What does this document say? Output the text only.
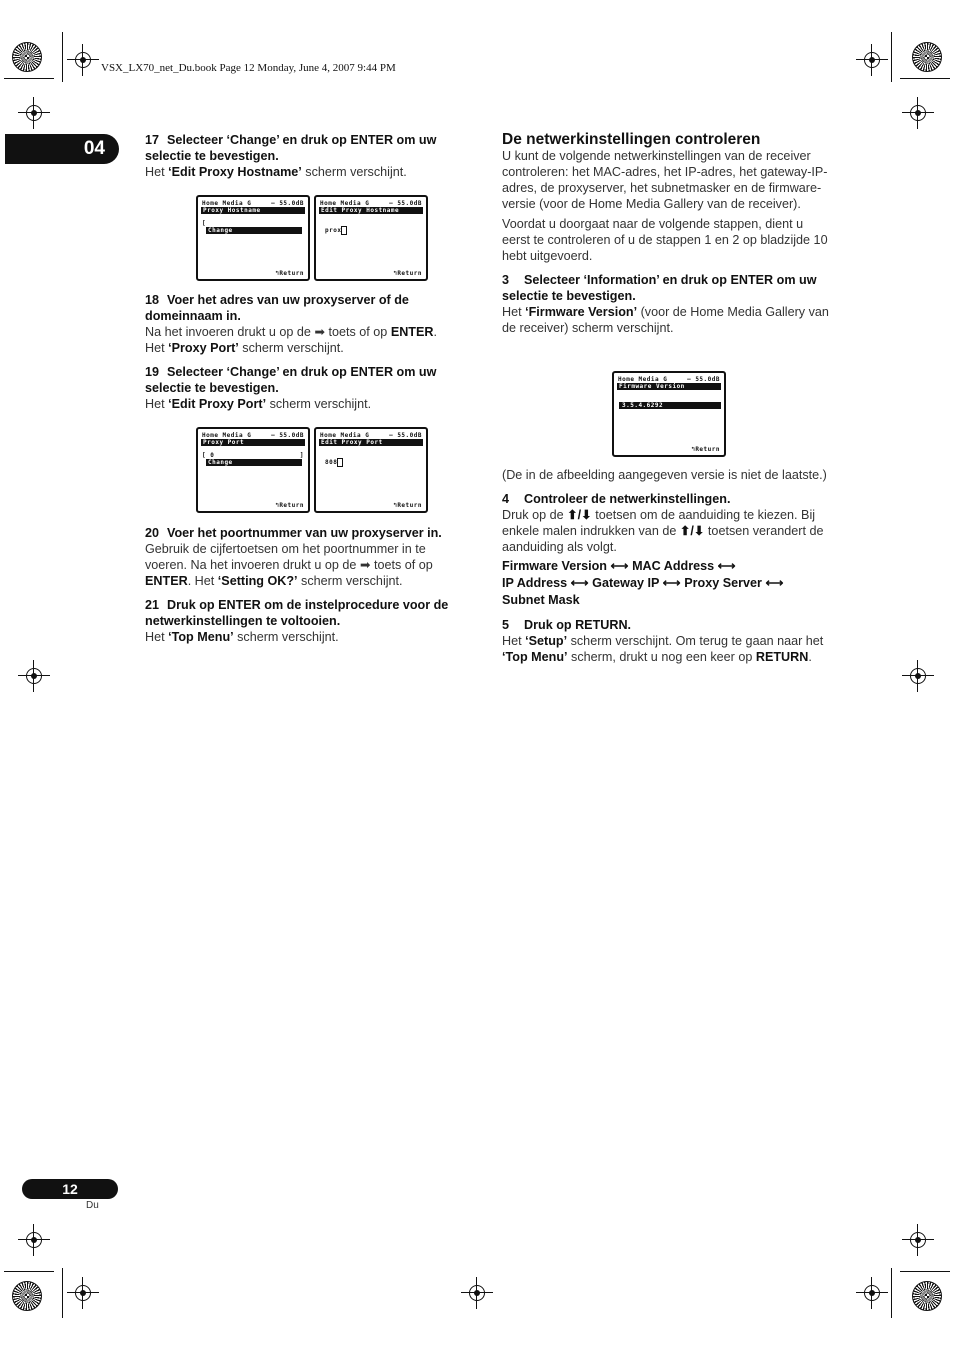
VSX_LX70_net_Du.book Page 12 Monday, June 4, 2007 9:44 PM
04
12
Du

17 Selecteer ‘Change’ en druk op ENTER om uw selectie te bevestigen.

Het ‘Edit Proxy Hostname’ scherm verschijnt.

Home Media G	– 55.0dB
Proxy Hostname
[
Change
↰Return
Home Media G	– 55.0dB
Edit Proxy Hostname
prox
↰Return

18 Voer het adres van uw proxyserver of de domeinnaam in.

Na het invoeren drukt u op de ➡ toets of op ENTER. Het ‘Proxy Port’ scherm verschijnt.

19 Selecteer ‘Change’ en druk op ENTER om uw selectie te bevestigen.

Het ‘Edit Proxy Port’ scherm verschijnt.

Home Media G	– 55.0dB
Proxy Port
[ 0	]
Change
↰Return
Home Media G	– 55.0dB
Edit Proxy Port
808
↰Return

20 Voer het poortnummer van uw proxyserver in.

Gebruik de cijfertoetsen om het poortnummer in te voeren. Na het invoeren drukt u op de ➡ toets of op ENTER. Het ‘Setting OK?’ scherm verschijnt.

21 Druk op ENTER om de instelprocedure voor de netwerkinstellingen te voltooien.

Het ‘Top Menu’ scherm verschijnt.

De netwerkinstellingen controleren

U kunt de volgende netwerkinstellingen van de receiver controleren: het MAC-adres, het IP-adres, het gateway-IP-adres, de proxyserver, het subnetmasker en de firmware-versie (voor de Home Media Gallery van de receiver).

Voordat u doorgaat naar de volgende stappen, dient u eerst te controleren of u de stappen 1 en 2 op bladzijde 10 hebt uitgevoerd.

3 Selecteer ‘Information’ en druk op ENTER om uw selectie te bevestigen.

Het ‘Firmware Version’ (voor de Home Media Gallery van de receiver) scherm verschijnt.

Home Media G	– 55.0dB
Firmware Version
3.5.4.6292
↰Return

(De in de afbeelding aangegeven versie is niet de laatste.)

4 Controleer de netwerkinstellingen.

Druk op de ⬆/⬇ toetsen om de aanduiding te kiezen. Bij enkele malen indrukken van de ⬆/⬇ toetsen verandert de aanduiding als volgt.

Firmware Version ⟷ MAC Address ⟷
IP Address ⟷ Gateway IP ⟷ Proxy Server ⟷
Subnet Mask

5 Druk op RETURN.

Het ‘Setup’ scherm verschijnt. Om terug te gaan naar het ‘Top Menu’ scherm, drukt u nog een keer op RETURN.
